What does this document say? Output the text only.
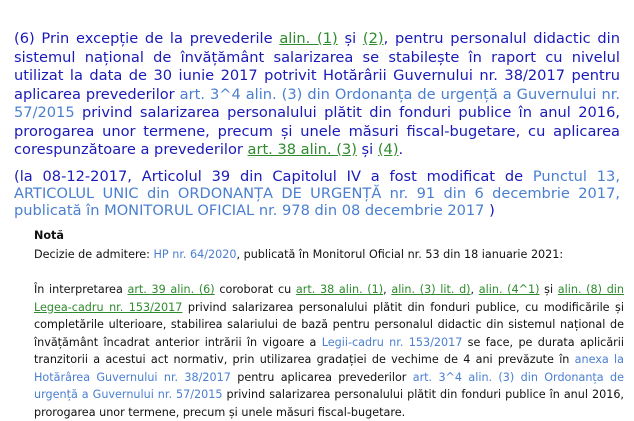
(6) Prin excepție de la prevederile alin. (1) și (2), pentru personalul didactic din sistemul național de învățământ salarizarea se stabilește în raport cu nivelul utilizat la data de 30 iunie 2017 potrivit Hotărârii Guvernului nr. 38/2017 pentru aplicarea prevederilor art. 3^4 alin. (3) din Ordonanța de urgență a Guvernului nr. 57/2015 privind salarizarea personalului plătit din fonduri publice în anul 2016, prorogarea unor termene, precum și unele măsuri fiscal-bugetare, cu aplicarea corespunzătoare a prevederilor art. 38 alin. (3) și (4).

(la 08-12-2017, Articolul 39 din Capitolul IV a fost modificat de Punctul 13, ARTICOLUL UNIC din ORDONANȚA DE URGENȚĂ nr. 91 din 6 decembrie 2017, publicată în MONITORUL OFICIAL nr. 978 din 08 decembrie 2017 )

Notă

Decizie de admitere: HP nr. 64/2020, publicată în Monitorul Oficial nr. 53 din 18 ianuarie 2021:

În interpretarea art. 39 alin. (6) coroborat cu art. 38 alin. (1), alin. (3) lit. d), alin. (4^1) și alin. (8) din Legea-cadru nr. 153/2017 privind salarizarea personalului plătit din fonduri publice, cu modificările și completările ulterioare, stabilirea salariului de bază pentru personalul didactic din sistemul național de învățământ încadrat anterior intrării în vigoare a Legii-cadru nr. 153/2017 se face, pe durata aplicării tranzitorii a acestui act normativ, prin utilizarea gradației de vechime de 4 ani prevăzute în anexa la Hotărârea Guvernului nr. 38/2017 pentru aplicarea prevederilor art. 3^4 alin. (3) din Ordonanța de urgență a Guvernului nr. 57/2015 privind salarizarea personalului plătit din fonduri publice în anul 2016, prorogarea unor termene, precum și unele măsuri fiscal-bugetare.
